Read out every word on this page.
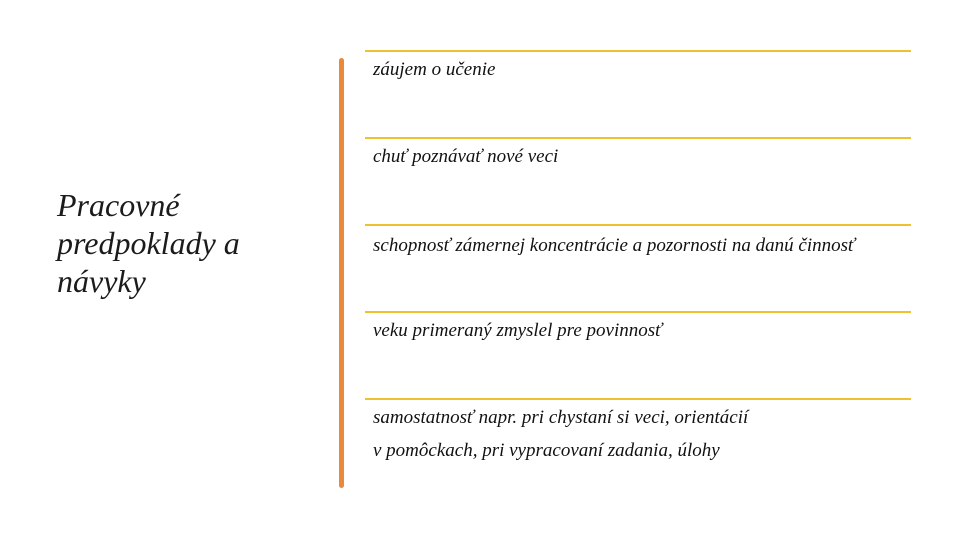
Pracovné predpoklady a návyky

záujem o učenie

chuť poznávať nové veci

schopnosť zámernej koncentrácie a pozornosti na danú činnosť

veku primeraný zmyslel pre povinnosť

samostatnosť napr. pri chystaní si veci, orientácií

v pomôckach, pri vypracovaní zadania, úlohy
